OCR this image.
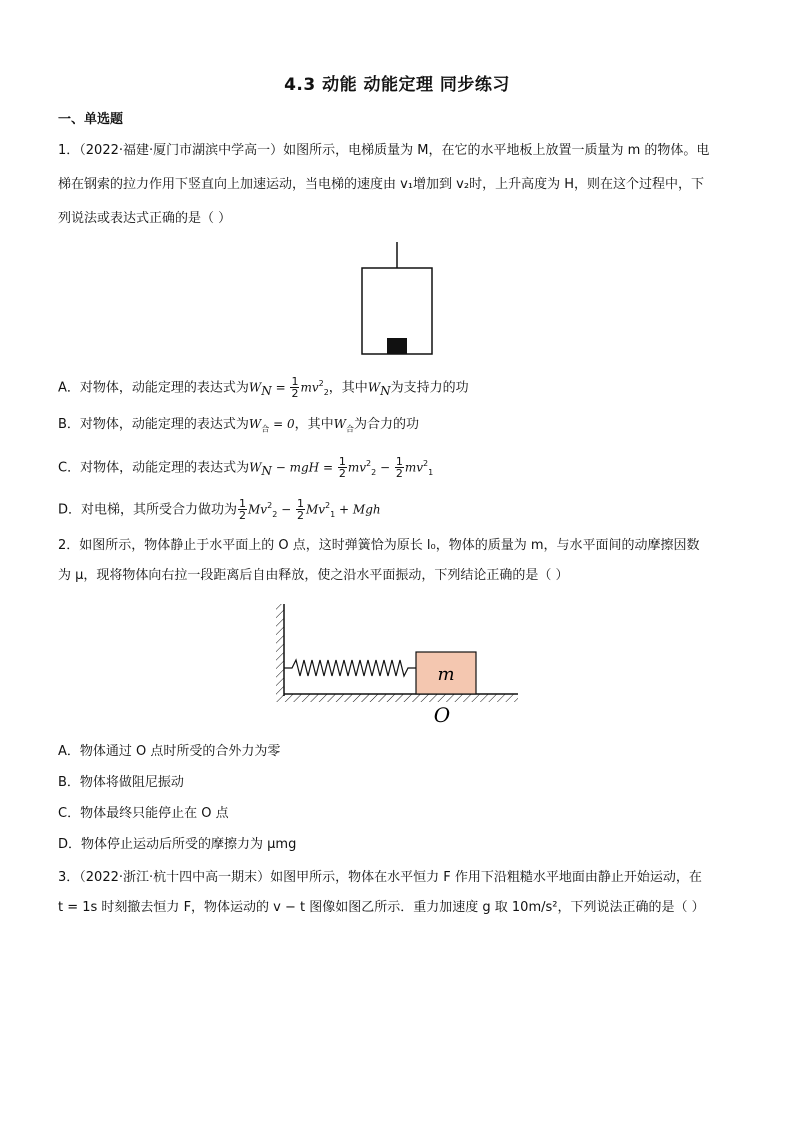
4.3 动能 动能定理 同步练习
一、单选题
1．（2022·福建·厦门市湖滨中学高一）如图所示，电梯质量为 M，在它的水平地板上放置一质量为 m 的物体。电
梯在钢索的拉力作用下竖直向上加速运动，当电梯的速度由 v₁增加到 v₂时，上升高度为 H，则在这个过程中，下
列说法或表达式正确的是（ ）
A．对物体，动能定理的表达式为$W_N = \frac{1}{2} mv^2_2$，其中$W_N$为支持力的功
B．对物体，动能定理的表达式为$W_合 = 0$，其中$W_合$为合力的功
C．对物体，动能定理的表达式为$W_N$ − mgH = $\frac{1}{2} mv^2_2 - \frac{1}{2} mv^2_1$
D．对电梯，其所受合力做功为 $\frac{1}{2} Mv^2_2 - \frac{1}{2} Mv^2_1$ + Mgh
2．如图所示，物体静止于水平面上的 O 点，这时弹簧恰为原长 l₀，物体的质量为 m，与水平面间的动摩擦因数
为 μ，现将物体向右拉一段距离后自由释放，使之沿水平面振动，下列结论正确的是（ ）
m
O
A．物体通过 O 点时所受的合外力为零
B．物体将做阻尼振动
C．物体最终只能停止在 O 点
D．物体停止运动后所受的摩擦力为 μmg
3．（2022·浙江·杭十四中高一期末）如图甲所示，物体在水平恒力 F 作用下沿粗糙水平地面由静止开始运动，在
t = 1s 时刻撤去恒力 F，物体运动的 v − t 图像如图乙所示．重力加速度 g 取 10m/s²，下列说法正确的是（ ）
